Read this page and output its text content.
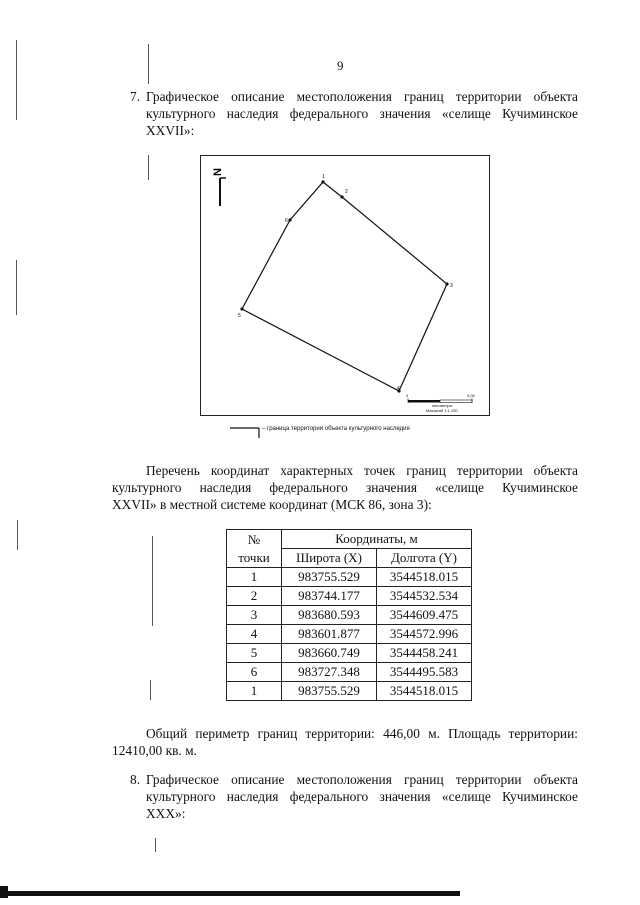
9
7. Графическое описание местоположения границ территории объекта
культурного наследия федерального значения «селище Кучиминское
XXVII»:
N
1
2
3
4
5
6
0	0,05
километры
Масштаб 1:1 100
– граница территории объекта культурного наследия
Перечень координат характерных точек границ территории объекта
культурного наследия федерального значения «селище Кучиминское
XXVII» в местной системе координат (МСК 86, зона 3):
№
точки	Координаты, м	
	Широта (X)	Долгота (Y)
1	983755.529	3544518.015
2	983744.177	3544532.534
3	983680.593	3544609.475
4	983601.877	3544572.996
5	983660.749	3544458.241
6	983727.348	3544495.583
1	983755.529	3544518.015
Общий периметр границ территории: 446,00 м. Площадь территории:
12410,00 кв. м.
8. Графическое описание местоположения границ территории объекта
культурного наследия федерального значения «селище Кучиминское
XXX»:
